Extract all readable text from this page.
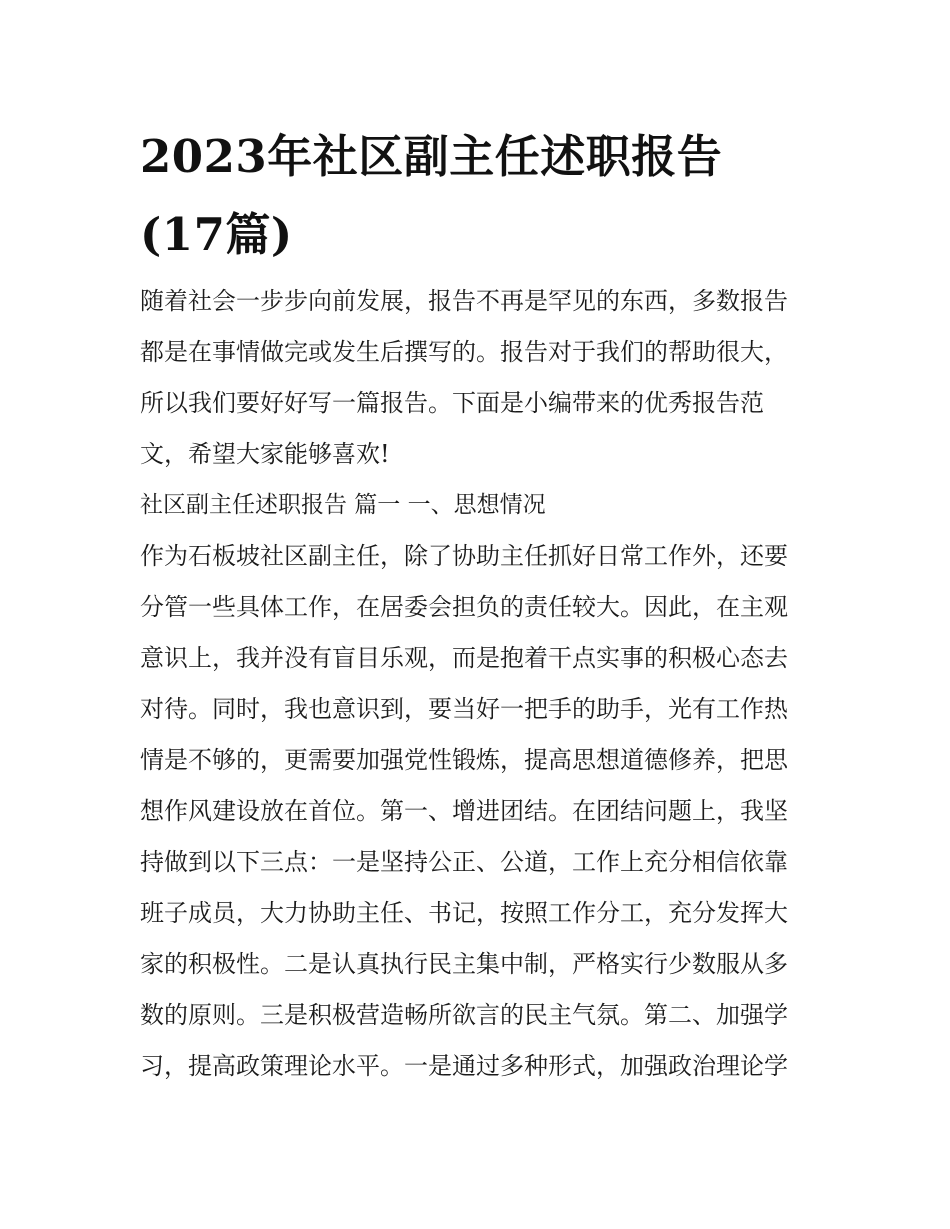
2023年社区副主任述职报告
(17篇)
随着社会一步步向前发展，报告不再是罕见的东西，多数报告
都是在事情做完或发生后撰写的。报告对于我们的帮助很大，
所以我们要好好写一篇报告。下面是小编带来的优秀报告范
文，希望大家能够喜欢!
社区副主任述职报告 篇一 一、思想情况
作为石板坡社区副主任，除了协助主任抓好日常工作外，还要
分管一些具体工作，在居委会担负的责任较大。因此，在主观
意识上，我并没有盲目乐观，而是抱着干点实事的积极心态去
对待。同时，我也意识到，要当好一把手的助手，光有工作热
情是不够的，更需要加强党性锻炼，提高思想道德修养，把思
想作风建设放在首位。第一、增进团结。在团结问题上，我坚
持做到以下三点：一是坚持公正、公道，工作上充分相信依靠
班子成员，大力协助主任、书记，按照工作分工，充分发挥大
家的积极性。二是认真执行民主集中制，严格实行少数服从多
数的原则。三是积极营造畅所欲言的民主气氛。第二、加强学
习，提高政策理论水平。一是通过多种形式，加强政治理论学
